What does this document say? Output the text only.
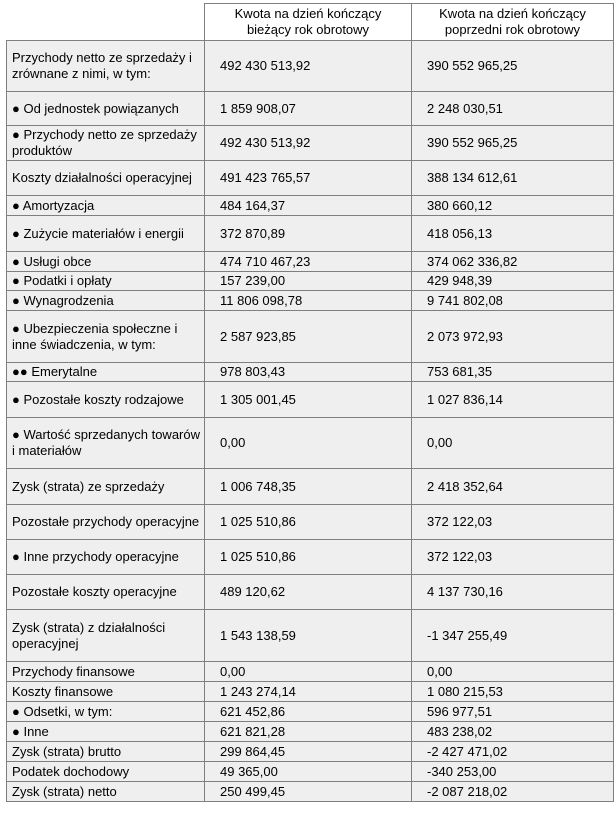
	Kwota na dzień kończący bieżący rok obrotowy	Kwota na dzień kończący poprzedni rok obrotowy
Przychody netto ze sprzedaży i zrównane z nimi, w tym:	492 430 513,92	390 552 965,25
● Od jednostek powiązanych	1 859 908,07	2 248 030,51
● Przychody netto ze sprzedaży produktów	492 430 513,92	390 552 965,25
Koszty działalności operacyjnej	491 423 765,57	388 134 612,61
● Amortyzacja	484 164,37	380 660,12
● Zużycie materiałów i energii	372 870,89	418 056,13
● Usługi obce	474 710 467,23	374 062 336,82
● Podatki i opłaty	157 239,00	429 948,39
● Wynagrodzenia	11 806 098,78	9 741 802,08
● Ubezpieczenia społeczne i inne świadczenia, w tym:	2 587 923,85	2 073 972,93
●● Emerytalne	978 803,43	753 681,35
● Pozostałe koszty rodzajowe	1 305 001,45	1 027 836,14
● Wartość sprzedanych towarów i materiałów	0,00	0,00
Zysk (strata) ze sprzedaży	1 006 748,35	2 418 352,64
Pozostałe przychody operacyjne	1 025 510,86	372 122,03
● Inne przychody operacyjne	1 025 510,86	372 122,03
Pozostałe koszty operacyjne	489 120,62	4 137 730,16
Zysk (strata) z działalności operacyjnej	1 543 138,59	-1 347 255,49
Przychody finansowe	0,00	0,00
Koszty finansowe	1 243 274,14	1 080 215,53
● Odsetki, w tym:	621 452,86	596 977,51
● Inne	621 821,28	483 238,02
Zysk (strata) brutto	299 864,45	-2 427 471,02
Podatek dochodowy	49 365,00	-340 253,00
Zysk (strata) netto	250 499,45	-2 087 218,02
